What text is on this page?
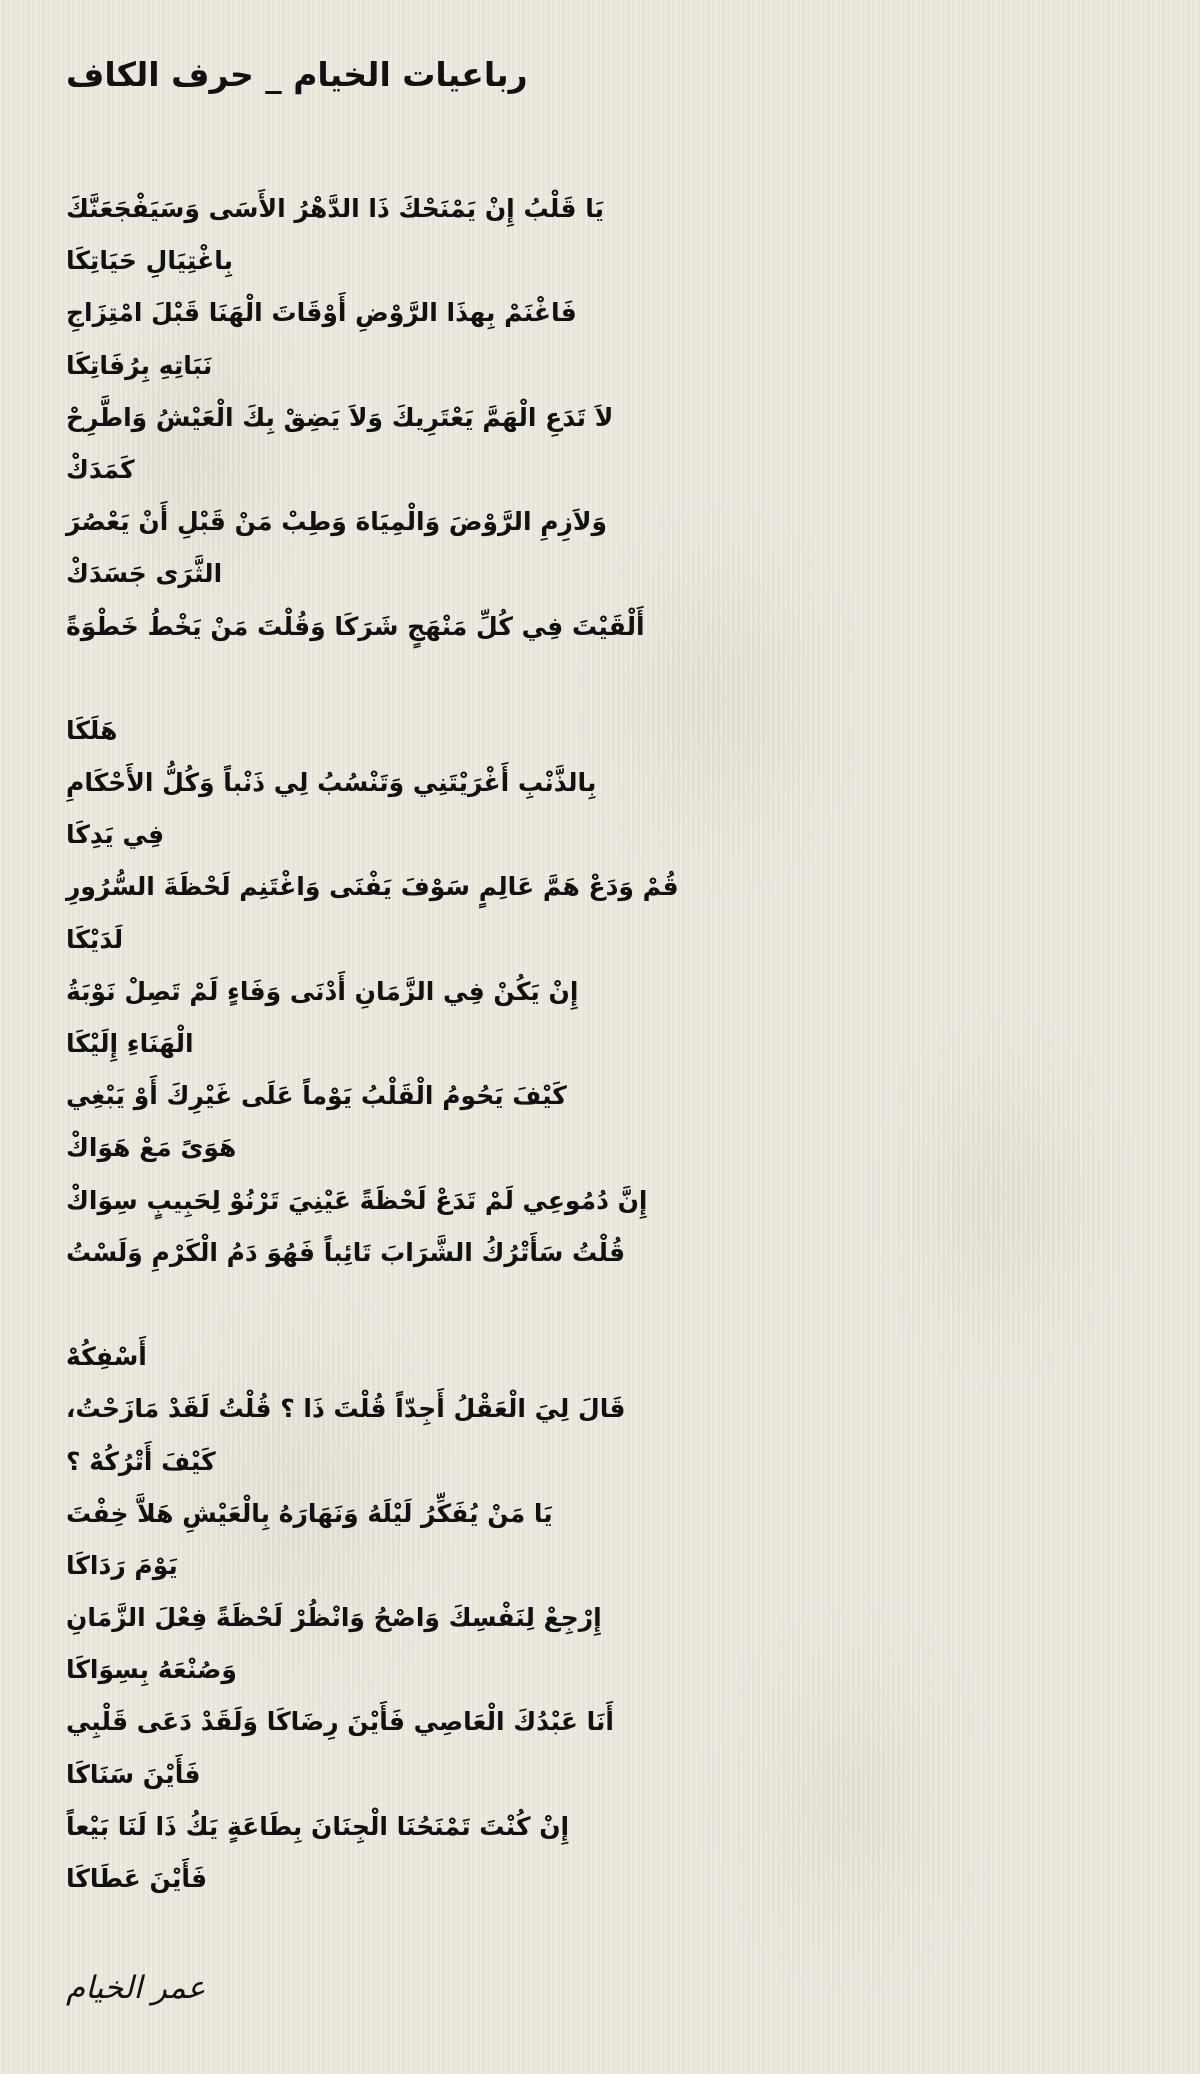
رباعيات الخيام _ حرف الكاف
يَا قَلْبُ إِنْ يَمْنَحْكَ ذَا الدَّهْرُ الأَسَى وَسَيَفْجَعَنَّكَ
بِاغْتِيَالِ حَيَاتِكَا
فَاغْنَمْ بِهذَا الرَّوْضِ أَوْقَاتَ الْهَنَا قَبْلَ امْتِزَاجِ
نَبَاتِهِ بِرُفَاتِكَا
لاَ تَدَعِ الْهَمَّ يَعْتَرِيكَ وَلاَ يَضِقْ بِكَ الْعَيْشُ وَاطَّرِحْ
كَمَدَكْ
وَلاَزِمِ الرَّوْضَ وَالْمِيَاهَ وَطِبْ مَنْ قَبْلِ أَنْ يَعْصُرَ
الثَّرَى جَسَدَكْ
أَلْقَيْتَ فِي كُلِّ مَنْهَجٍ شَرَكَا وَقُلْتَ مَنْ يَخْطُ خَطْوَةً
هَلَكَا
بِالذَّنْبِ أَغْرَيْتَنِي وَتَنْسُبُ لِي ذَنْباً وَكُلُّ الأَحْكَامِ
فِي يَدِكَا
قُمْ وَدَعْ هَمَّ عَالِمٍ سَوْفَ يَفْنَى وَاغْتَنِم لَحْظَةَ السُّرُورِ
لَدَيْكَا
إِنْ يَكُنْ فِي الزَّمَانِ أَدْنَى وَفَاءٍ لَمْ تَصِلْ نَوْبَةُ
الْهَنَاءِ إِلَيْكَا
كَيْفَ يَحُومُ الْقَلْبُ يَوْماً عَلَى غَيْرِكَ أَوْ يَبْغِي
هَوَىً مَعْ هَوَاكْ
إِنَّ دُمُوعِي لَمْ تَدَعْ لَحْظَةً عَيْنِيَ تَرْنُوْ لِحَبِيبٍ سِوَاكْ
قُلْتُ سَأَتْرُكُ الشَّرَابَ تَائِباً فَهُوَ دَمُ الْكَرْمِ وَلَسْتُ
أَسْفِكُهْ
قَالَ لِيَ الْعَقْلُ أَجِدّاً قُلْتَ ذَا ؟ قُلْتُ لَقَدْ مَازَحْتُ،
كَيْفَ أَتْرُكُهْ ؟
يَا مَنْ يُفَكِّرُ لَيْلَهُ وَنَهَارَهُ بِالْعَيْشِ هَلاَّ خِفْتَ
يَوْمَ رَدَاكَا
إِرْجِعْ لِنَفْسِكَ وَاصْحُ وَانْظُرْ لَحْظَةً فِعْلَ الزَّمَانِ
وَصُنْعَهُ بِسِوَاكَا
أَنَا عَبْدُكَ الْعَاصِي فَأَيْنَ رِضَاكَا وَلَقَدْ دَعَى قَلْبِي
فَأَيْنَ سَنَاكَا
إِنْ كُنْتَ تَمْنَحُنَا الْجِنَانَ بِطَاعَةٍ يَكُ ذَا لَنَا بَيْعاً
فَأَيْنَ عَطَاكَا
عمر الخيام
